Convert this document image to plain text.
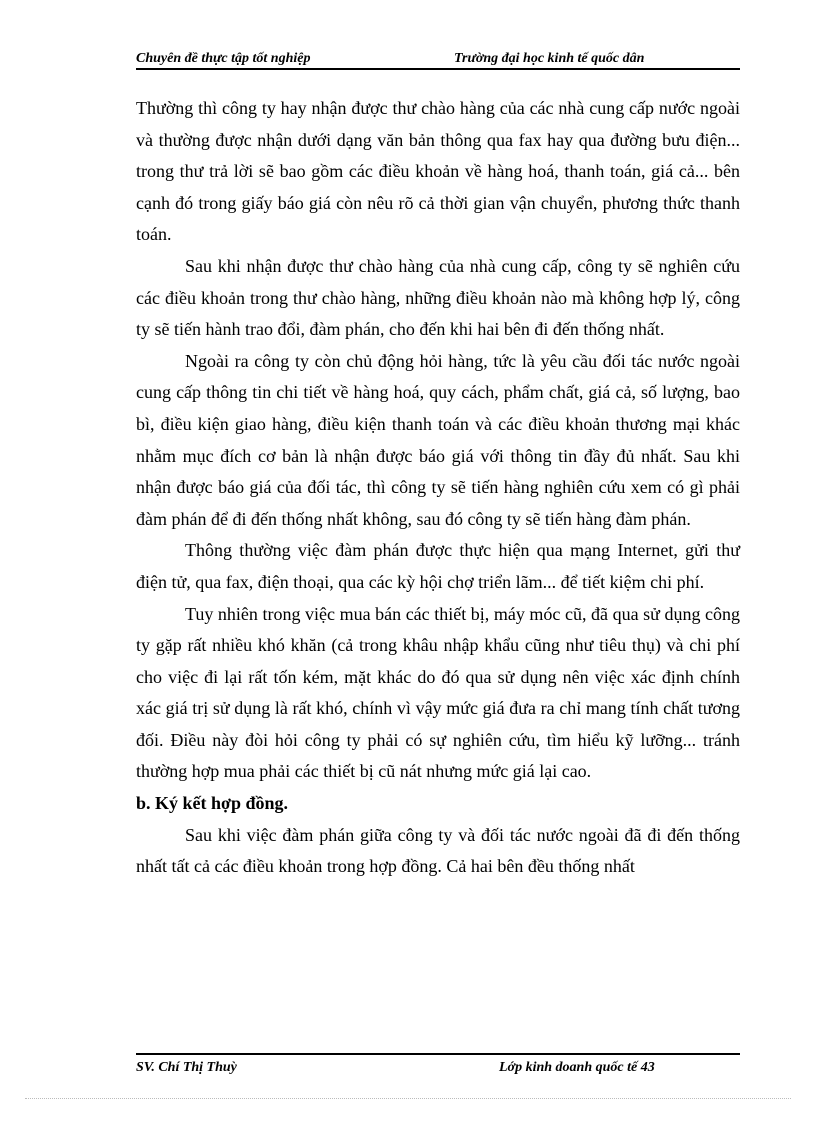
Chuyên đề thực tập tốt nghiệp	Trường đại học kinh tế quốc dân

Thường thì công ty hay nhận được thư chào hàng của các nhà cung cấp nước ngoài và thường được nhận dưới dạng văn bản thông qua fax hay qua đường bưu điện... trong thư trả lời sẽ bao gồm các điều khoản về hàng hoá, thanh toán, giá cả... bên cạnh đó trong giấy báo giá còn nêu rõ cả thời gian vận chuyển, phương thức thanh toán.

Sau khi nhận được thư chào hàng của nhà cung cấp, công ty sẽ nghiên cứu các điều khoản trong thư chào hàng, những điều khoản nào mà không hợp lý, công ty sẽ tiến hành trao đổi, đàm phán, cho đến khi hai bên đi đến thống nhất.

Ngoài ra công ty còn chủ động hỏi hàng, tức là yêu cầu đối tác nước ngoài cung cấp thông tin chi tiết về hàng hoá, quy cách, phẩm chất, giá cả, số lượng, bao bì, điều kiện giao hàng, điều kiện thanh toán và các điều khoản thương mại khác nhằm mục đích cơ bản là nhận được báo giá với thông tin đầy đủ nhất. Sau khi nhận được báo giá của đối tác, thì công ty sẽ tiến hàng nghiên cứu xem có gì phải đàm phán để đi đến thống nhất không, sau đó công ty sẽ tiến hàng đàm phán.

Thông thường việc đàm phán được thực hiện qua mạng Internet, gửi thư điện tử, qua fax, điện thoại, qua các kỳ hội chợ triển lãm... để tiết kiệm chi phí.

Tuy nhiên trong việc mua bán các thiết bị, máy móc cũ, đã qua sử dụng công ty gặp rất nhiều khó khăn (cả trong khâu nhập khẩu cũng như tiêu thụ) và chi phí cho việc đi lại rất tốn kém, mặt khác do đó qua sử dụng nên việc xác định chính xác giá trị sử dụng là rất khó, chính vì vậy mức giá đưa ra chỉ mang tính chất tương đối. Điều này đòi hỏi công ty phải có sự nghiên cứu, tìm hiểu kỹ lưỡng... tránh thường hợp mua phải các thiết bị cũ nát nhưng mức giá lại cao.

b. Ký kết hợp đồng.

Sau khi việc đàm phán giữa công ty và đối tác nước ngoài đã đi đến thống nhất tất cả các điều khoản trong hợp đồng. Cả hai bên đều thống nhất

SV. Chí Thị Thuỳ	Lớp kinh doanh quốc tế 43
